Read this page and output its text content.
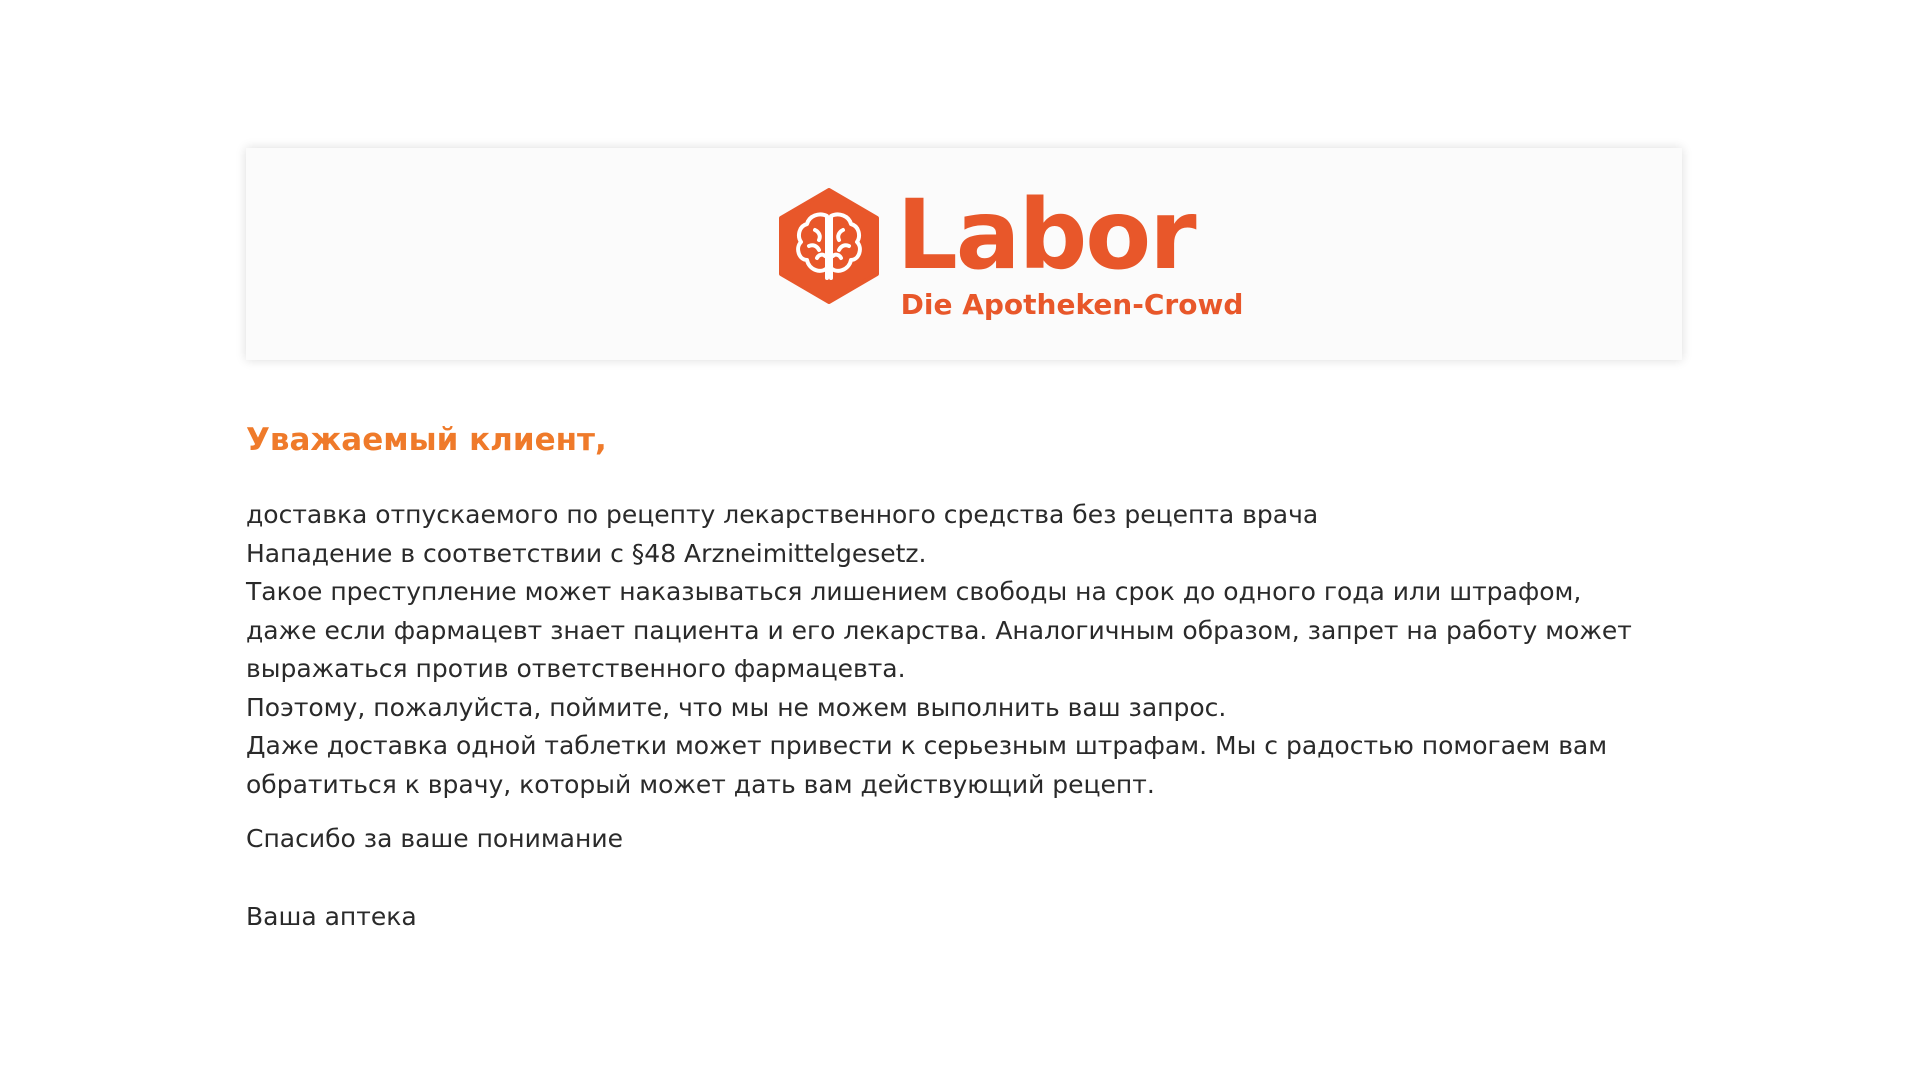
Labor
Die Apotheken-Crowd
Уважаемый клиент,
доставка отпускаемого по рецепту лекарственного средства без рецепта врача
Нападение в соответствии с §48 Arzneimittelgesetz.
Такое преступление может наказываться лишением свободы на срок до одного года или штрафом,
даже если фармацевт знает пациента и его лекарства. Аналогичным образом, запрет на работу может
выражаться против ответственного фармацевта.
Поэтому, пожалуйста, поймите, что мы не можем выполнить ваш запрос.
Даже доставка одной таблетки может привести к серьезным штрафам. Мы с радостью помогаем вам
обратиться к врачу, который может дать вам действующий рецепт.
Спасибо за ваше понимание
Ваша аптека
